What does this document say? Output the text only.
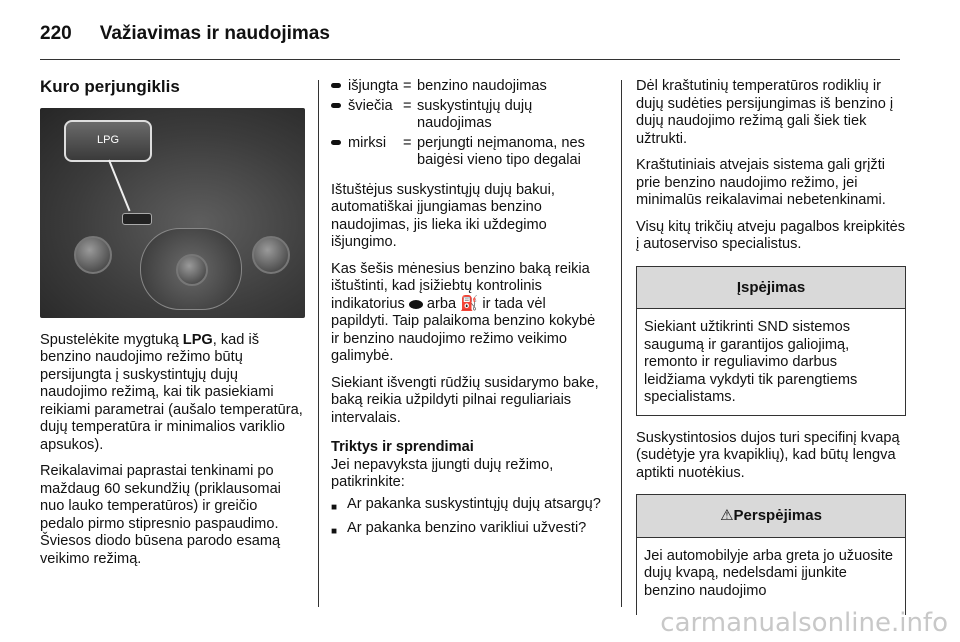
220 Važiavimas ir naudojimas
Kuro perjungiklis
LPG

Spustelėkite mygtuką LPG, kad iš benzino naudojimo režimo būtų persijungta į suskystintųjų dujų naudojimo režimą, kai tik pasiekiami reikiami parametrai (aušalo temperatūra, dujų temperatūra ir minimalios variklio apsukos).

Reikalavimai paprastai tenkinami po maždaug 60 sekundžių (priklausomai nuo lauko temperatūros) ir greičio pedalo pirmo stipresnio paspaudimo.

Šviesos diodo būsena parodo esamą veikimo režimą.

išjungta = benzino naudojimas
šviečia = suskystintųjų dujų naudojimas
mirksi	= perjungti neįmanoma, nes baigėsi vieno tipo degalai

Ištuštėjus suskystintųjų dujų bakui, automatiškai įjungiamas benzino naudojimas, jis lieka iki uždegimo išjungimo.

Kas šešis mėnesius benzino baką reikia ištuštinti, kad įsižiebtų kontrolinis indikatorius  arba ⛽ ir tada vėl papildyti. Taip palaikoma benzino kokybė ir benzino naudojimo režimo veikimo galimybė.

Siekiant išvengti rūdžių susidarymo bake, baką reikia užpildyti pilnai reguliariais intervalais.

Triktys ir sprendimai
Jei nepavyksta įjungti dujų režimo, patikrinkite:
■ Ar pakanka suskystintųjų dujų atsargų?
■ Ar pakanka benzino varikliui užvesti?

Dėl kraštutinių temperatūros rodiklių ir dujų sudėties persijungimas iš benzino į dujų naudojimo režimą gali šiek tiek užtrukti.

Kraštutiniais atvejais sistema gali grįžti prie benzino naudojimo režimo, jei minimalūs reikalavimai nebetenkinami.

Visų kitų trikčių atveju pagalbos kreipkitės į autoserviso specialistus.

Įspėjimas
Siekiant užtikrinti SND sistemos saugumą ir garantijos galiojimą, remonto ir reguliavimo darbus leidžiama vykdyti tik parengtiems specialistams.

Suskystintosios dujos turi specifinį kvapą (sudėtyje yra kvapiklių), kad būtų lengva aptikti nuotėkius.

⚠Perspėjimas
Jei automobilyje arba greta jo užuosite dujų kvapą, nedelsdami įjunkite benzino naudojimo
carmanualsonline.info
